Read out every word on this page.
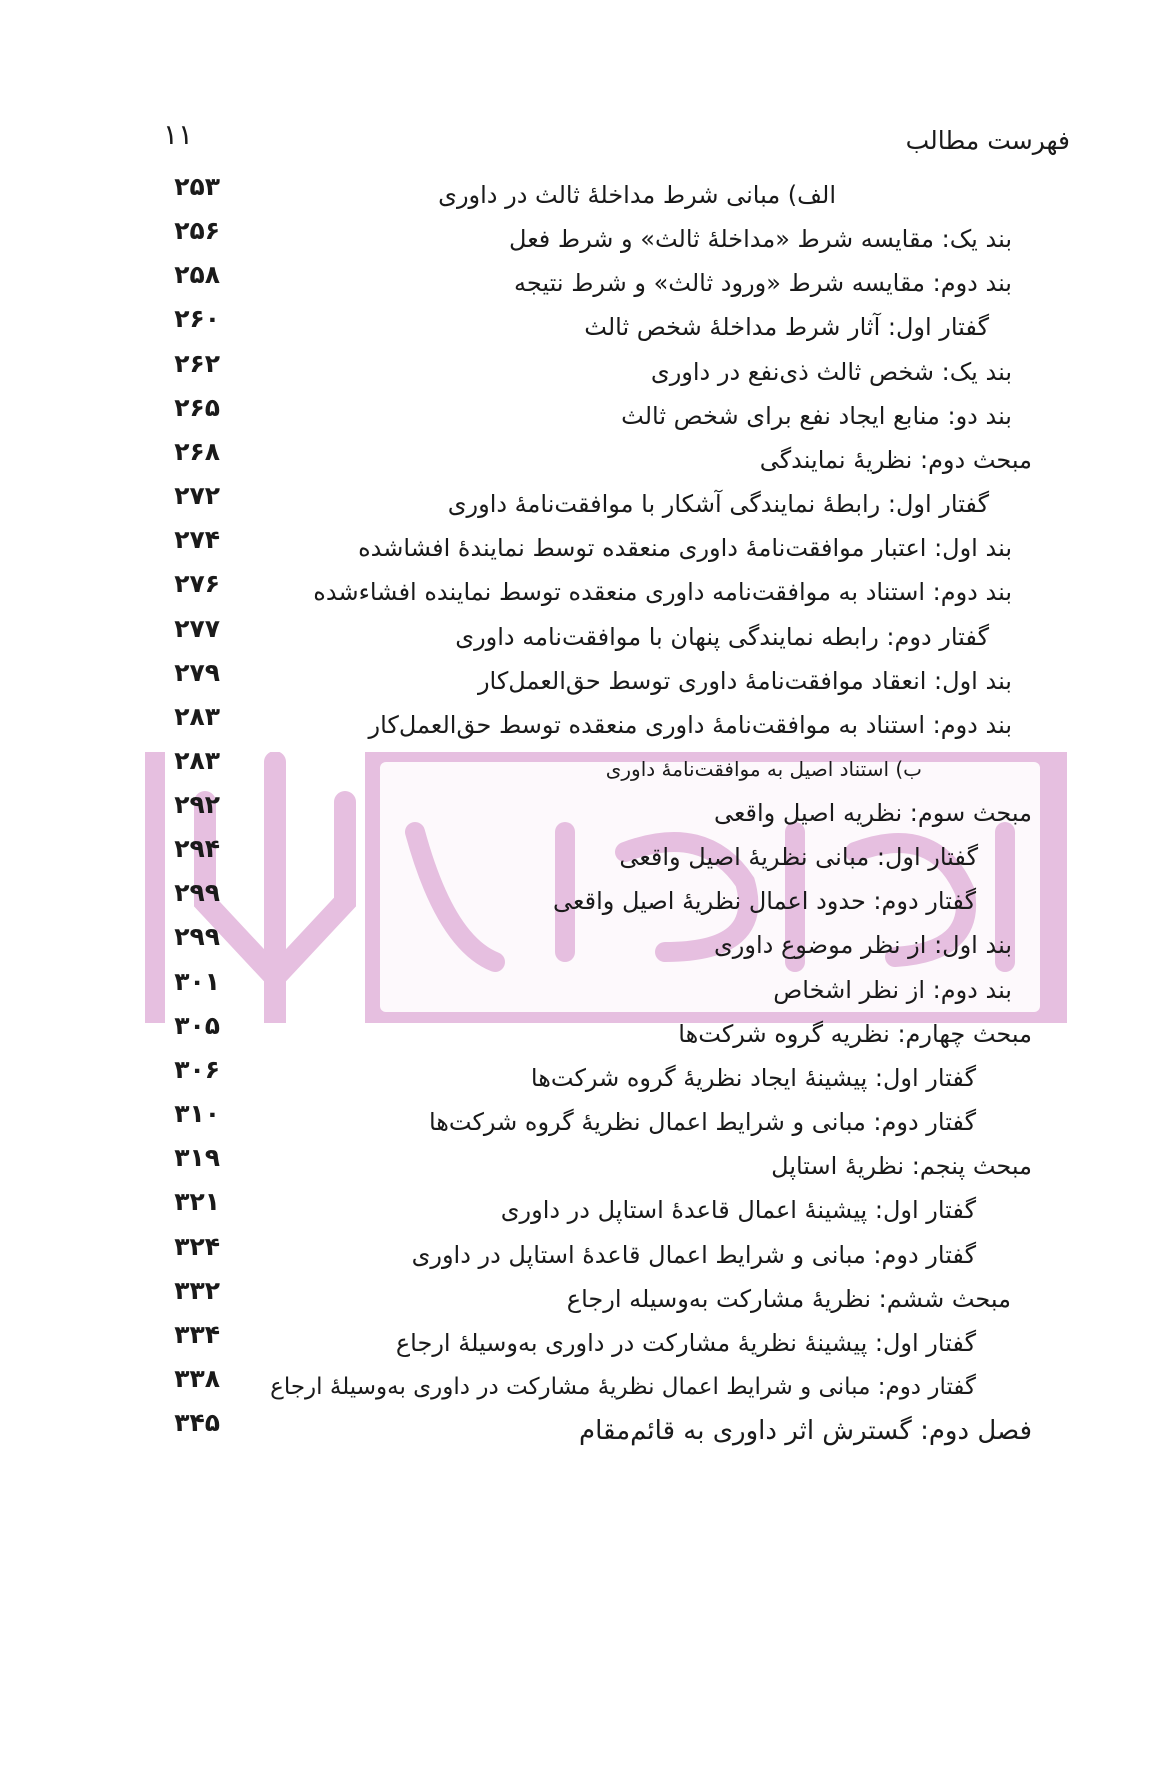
۱۱	فهرست مطالب
الف) مبانی شرط مداخلۀ ثالث در داوری
۲۵۳
بند یک: مقایسه شرط «مداخلۀ ثالث» و شرط فعل
۲۵۶
بند دوم: مقایسه شرط «ورود ثالث» و شرط نتیجه
۲۵۸
گفتار اول: آثار شرط مداخلۀ شخص ثالث
۲۶۰
بند یک: شخص ثالث ذی‌نفع در داوری
۲۶۲
بند دو: منابع ایجاد نفع برای شخص ثالث
۲۶۵
مبحث دوم: نظریۀ نمایندگی
۲۶۸
گفتار اول: رابطۀ نمایندگی آشکار با موافقت‌نامۀ داوری
۲۷۲
بند اول: اعتبار موافقت‌نامۀ داوری منعقده توسط نمایندۀ افشاشده
۲۷۴
بند دوم: استناد به موافقت‌نامه داوری منعقده توسط نماینده افشاءشده
۲۷۶
گفتار دوم: رابطه نمایندگی پنهان با موافقت‌نامه داوری
۲۷۷
بند اول: انعقاد موافقت‌نامۀ داوری توسط حق‌العمل‌کار
۲۷۹
بند دوم: استناد به موافقت‌نامۀ داوری منعقده توسط حق‌العمل‌کار
۲۸۳
ب) استناد اصیل به موافقت‌نامۀ داوری
۲۸۳
مبحث سوم: نظریه اصیل واقعی
۲۹۲
گفتار اول: مبانی نظریۀ اصیل واقعی
۲۹۴
گفتار دوم: حدود اعمال نظریۀ اصیل واقعی
۲۹۹
بند اول: از نظر موضوع داوری
۲۹۹
بند دوم: از نظر اشخاص
۳۰۱
مبحث چهارم: نظریه گروه شرکت‌ها
۳۰۵
گفتار اول: پیشینۀ ایجاد نظریۀ گروه شرکت‌ها
۳۰۶
گفتار دوم: مبانی و شرایط اعمال نظریۀ گروه شرکت‌ها
۳۱۰
مبحث پنجم: نظریۀ استاپل
۳۱۹
گفتار اول: پیشینۀ اعمال قاعدۀ استاپل در داوری
۳۲۱
گفتار دوم: مبانی و شرایط اعمال قاعدۀ استاپل در داوری
۳۲۴
مبحث ششم: نظریۀ مشارکت به‌وسیله ارجاع
۳۳۲
گفتار اول: پیشینۀ نظریۀ مشارکت در داوری به‌وسیلۀ ارجاع
۳۳۴
گفتار دوم: مبانی و شرایط اعمال نظریۀ مشارکت در داوری به‌وسیلۀ ارجاع
۳۳۸
فصل دوم: گسترش اثر داوری به قائم‌مقام
۳۴۵
